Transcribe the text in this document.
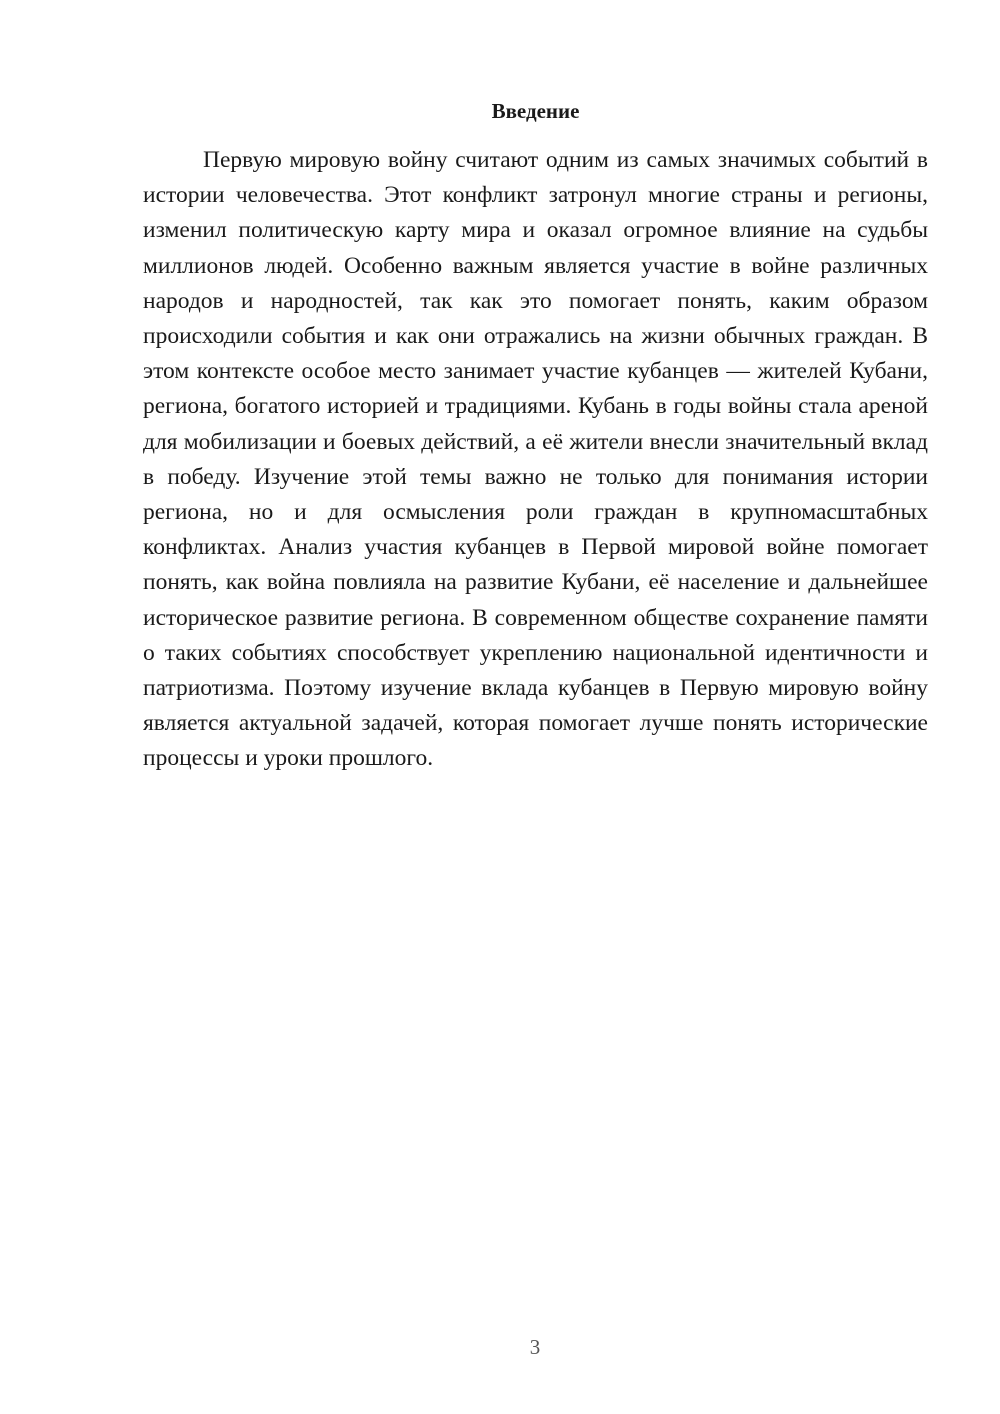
Введение

Первую мировую войну считают одним из самых значимых событий в истории человечества. Этот конфликт затронул многие страны и регионы, изменил политическую карту мира и оказал огромное влияние на судьбы миллионов людей. Особенно важным является участие в войне различных народов и народностей, так как это помогает понять, каким образом происходили события и как они отражались на жизни обычных граждан. В этом контексте особое место занимает участие кубанцев — жителей Кубани, региона, богатого историей и традициями. Кубань в годы войны стала ареной для мобилизации и боевых действий, а её жители внесли значительный вклад в победу. Изучение этой темы важно не только для понимания истории региона, но и для осмысления роли граждан в крупномасштабных конфликтах. Анализ участия кубанцев в Первой мировой войне помогает понять, как война повлияла на развитие Кубани, её население и дальнейшее историческое развитие региона. В современном обществе сохранение памяти о таких событиях способствует укреплению национальной идентичности и патриотизма. Поэтому изучение вклада кубанцев в Первую мировую войну является актуальной задачей, которая помогает лучше понять исторические процессы и уроки прошлого.

3
